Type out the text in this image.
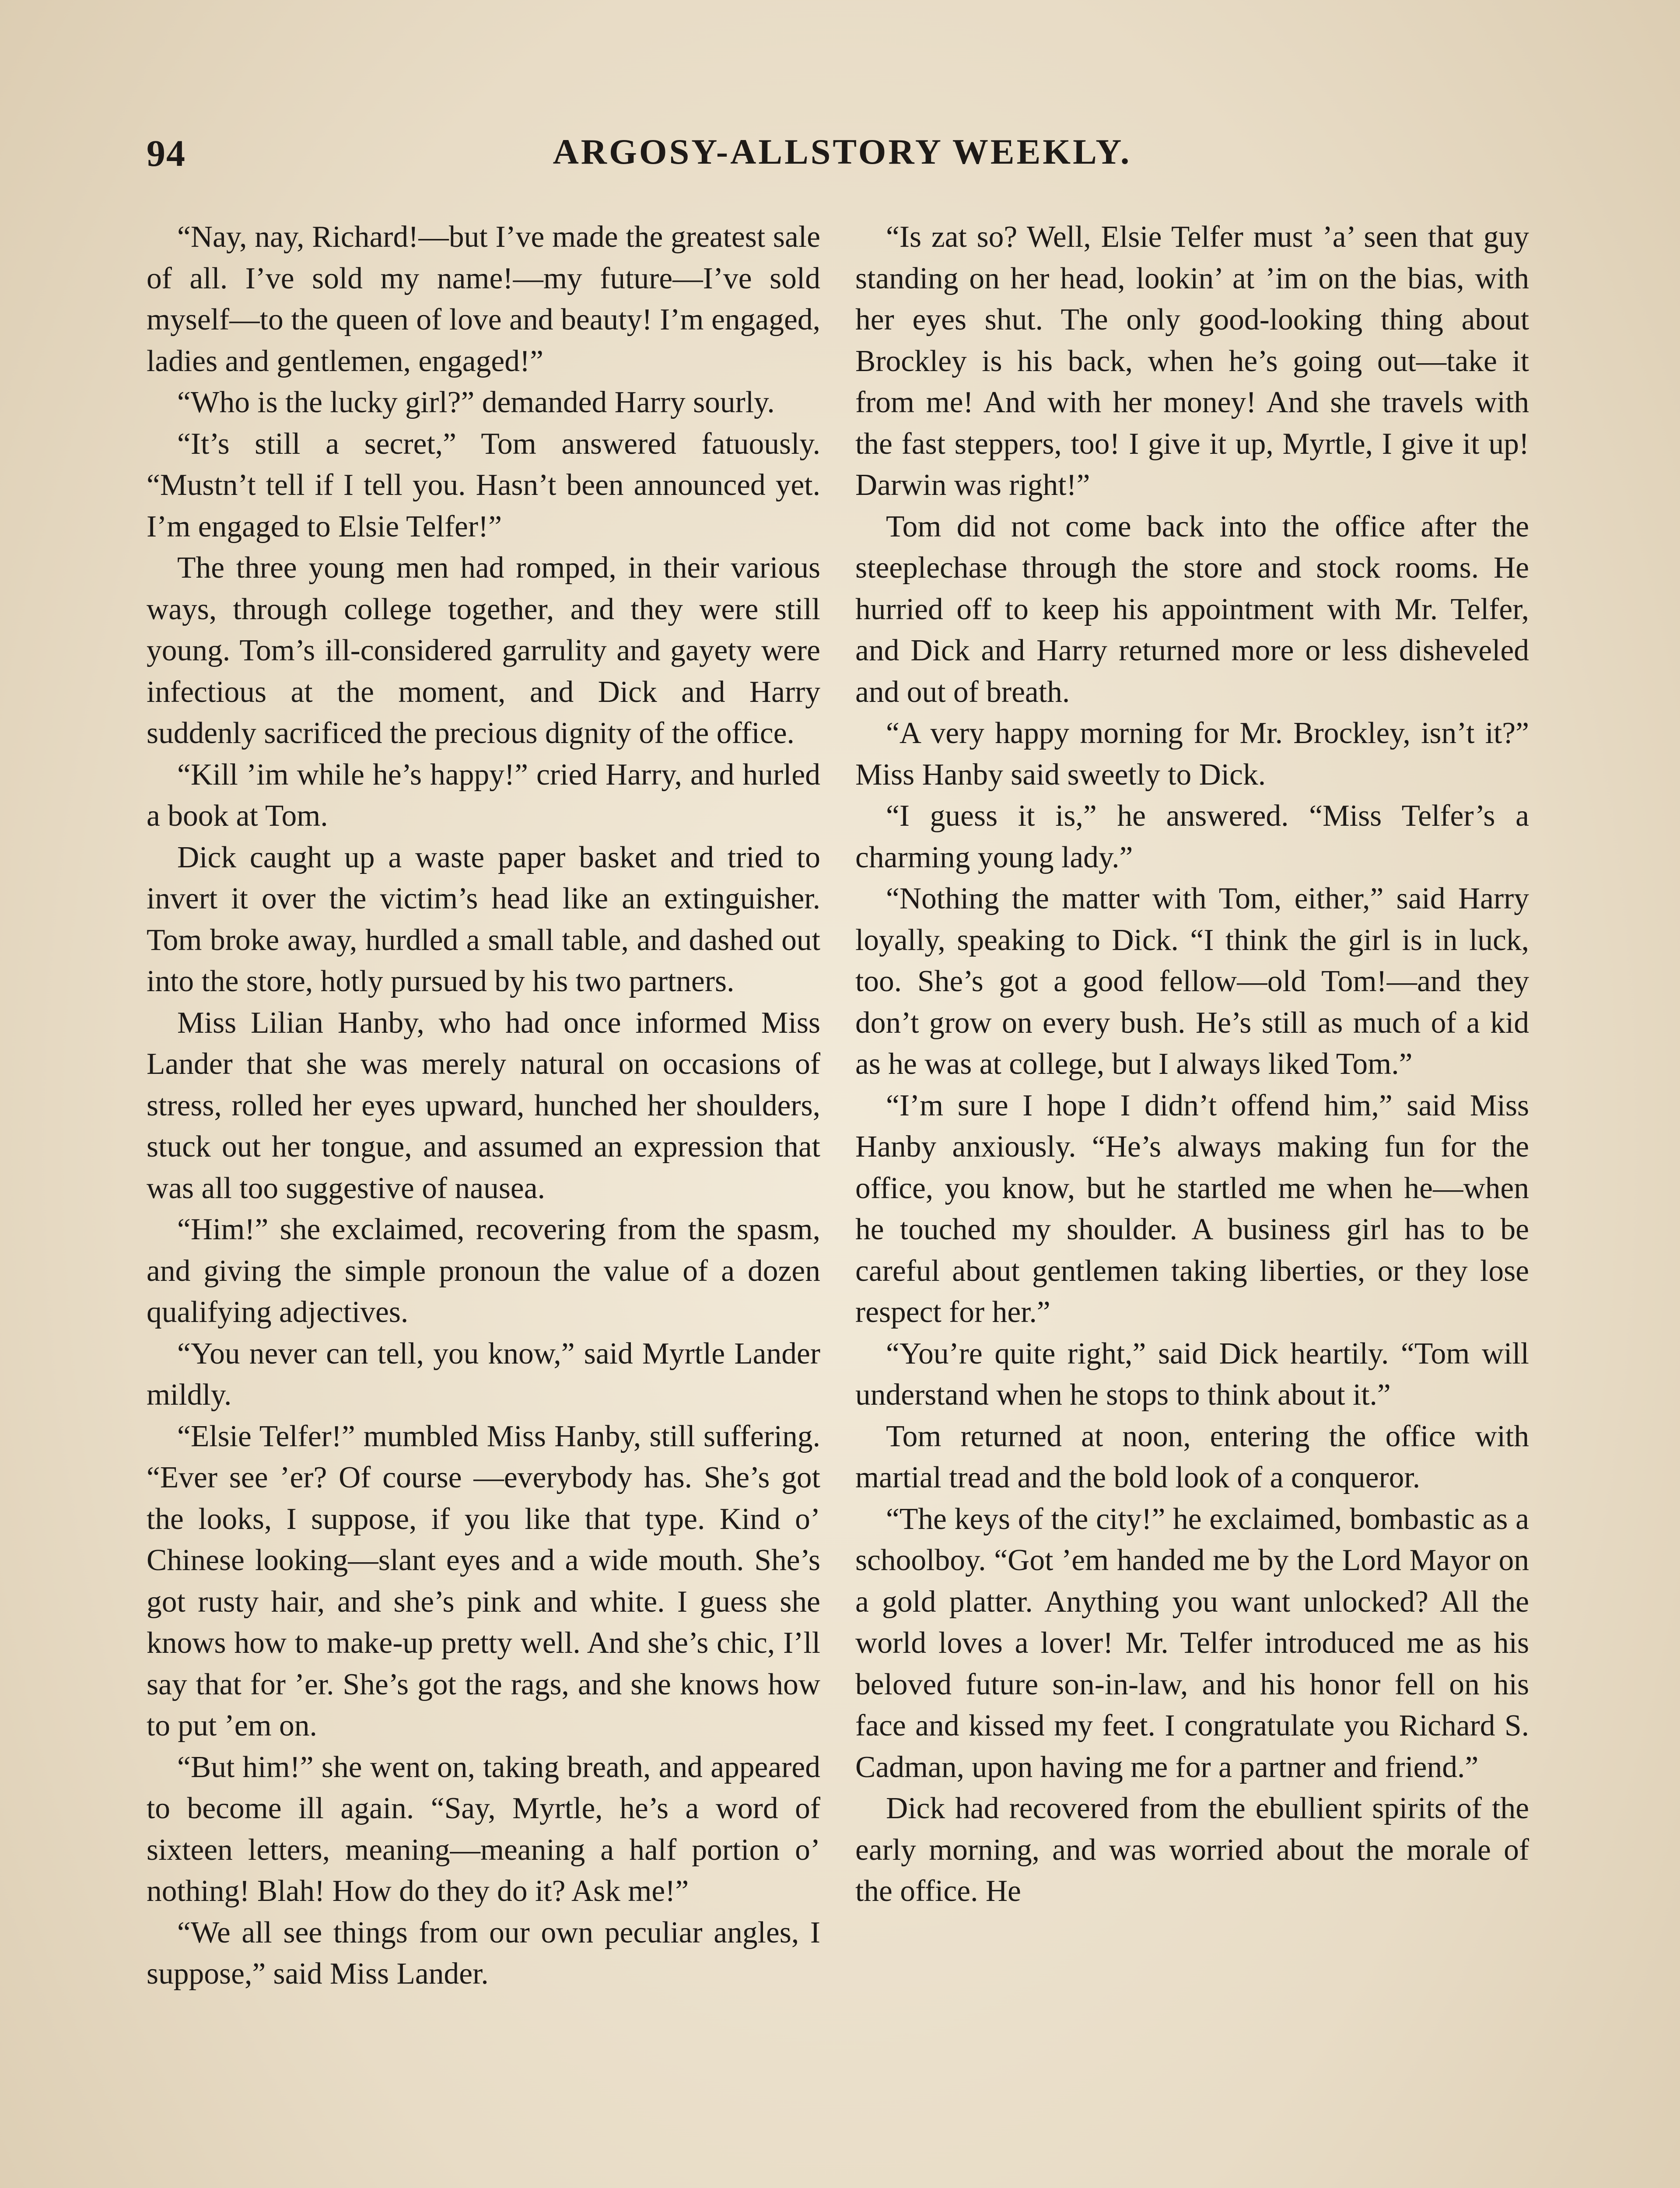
94	ARGOSY-ALLSTORY WEEKLY.

“Nay, nay, Richard!—but I’ve made the greatest sale of all. I’ve sold my name!—my future—I’ve sold myself—to the queen of love and beauty! I’m engaged, ladies and gentlemen, engaged!”

“Who is the lucky girl?” demanded Harry sourly.

“It’s still a secret,” Tom answered fatuously. “Mustn’t tell if I tell you. Hasn’t been announced yet. I’m engaged to Elsie Telfer!”

The three young men had romped, in their various ways, through college together, and they were still young. Tom’s ill-considered garrulity and gayety were infectious at the moment, and Dick and Harry suddenly sacrificed the precious dignity of the office.

“Kill ’im while he’s happy!” cried Harry, and hurled a book at Tom.

Dick caught up a waste paper basket and tried to invert it over the victim’s head like an extinguisher. Tom broke away, hurdled a small table, and dashed out into the store, hotly pursued by his two partners.

Miss Lilian Hanby, who had once informed Miss Lander that she was merely natural on occasions of stress, rolled her eyes upward, hunched her shoulders, stuck out her tongue, and assumed an expression that was all too suggestive of nausea.

“Him!” she exclaimed, recovering from the spasm, and giving the simple pronoun the value of a dozen qualifying adjectives.

“You never can tell, you know,” said Myrtle Lander mildly.

“Elsie Telfer!” mumbled Miss Hanby, still suffering. “Ever see ’er? Of course —everybody has. She’s got the looks, I suppose, if you like that type. Kind o’ Chinese looking—slant eyes and a wide mouth. She’s got rusty hair, and she’s pink and white. I guess she knows how to make-up pretty well. And she’s chic, I’ll say that for ’er. She’s got the rags, and she knows how to put ’em on.

“But him!” she went on, taking breath, and appeared to become ill again. “Say, Myrtle, he’s a word of sixteen letters, meaning—meaning a half portion o’ nothing! Blah! How do they do it? Ask me!”

“We all see things from our own peculiar angles, I suppose,” said Miss Lander.

“Is zat so? Well, Elsie Telfer must ’a’ seen that guy standing on her head, lookin’ at ’im on the bias, with her eyes shut. The only good-looking thing about Brockley is his back, when he’s going out—take it from me! And with her money! And she travels with the fast steppers, too! I give it up, Myrtle, I give it up! Darwin was right!”

Tom did not come back into the office after the steeplechase through the store and stock rooms. He hurried off to keep his appointment with Mr. Telfer, and Dick and Harry returned more or less disheveled and out of breath.

“A very happy morning for Mr. Brockley, isn’t it?” Miss Hanby said sweetly to Dick.

“I guess it is,” he answered. “Miss Telfer’s a charming young lady.”

“Nothing the matter with Tom, either,” said Harry loyally, speaking to Dick. “I think the girl is in luck, too. She’s got a good fellow—old Tom!—and they don’t grow on every bush. He’s still as much of a kid as he was at college, but I always liked Tom.”

“I’m sure I hope I didn’t offend him,” said Miss Hanby anxiously. “He’s always making fun for the office, you know, but he startled me when he—when he touched my shoulder. A business girl has to be careful about gentlemen taking liberties, or they lose respect for her.”

“You’re quite right,” said Dick heartily. “Tom will understand when he stops to think about it.”

Tom returned at noon, entering the office with martial tread and the bold look of a conqueror.

“The keys of the city!” he exclaimed, bombastic as a schoolboy. “Got ’em handed me by the Lord Mayor on a gold platter. Anything you want unlocked? All the world loves a lover! Mr. Telfer introduced me as his beloved future son-in-law, and his honor fell on his face and kissed my feet. I congratulate you Richard S. Cadman, upon having me for a partner and friend.”

Dick had recovered from the ebullient spirits of the early morning, and was worried about the morale of the office. He
